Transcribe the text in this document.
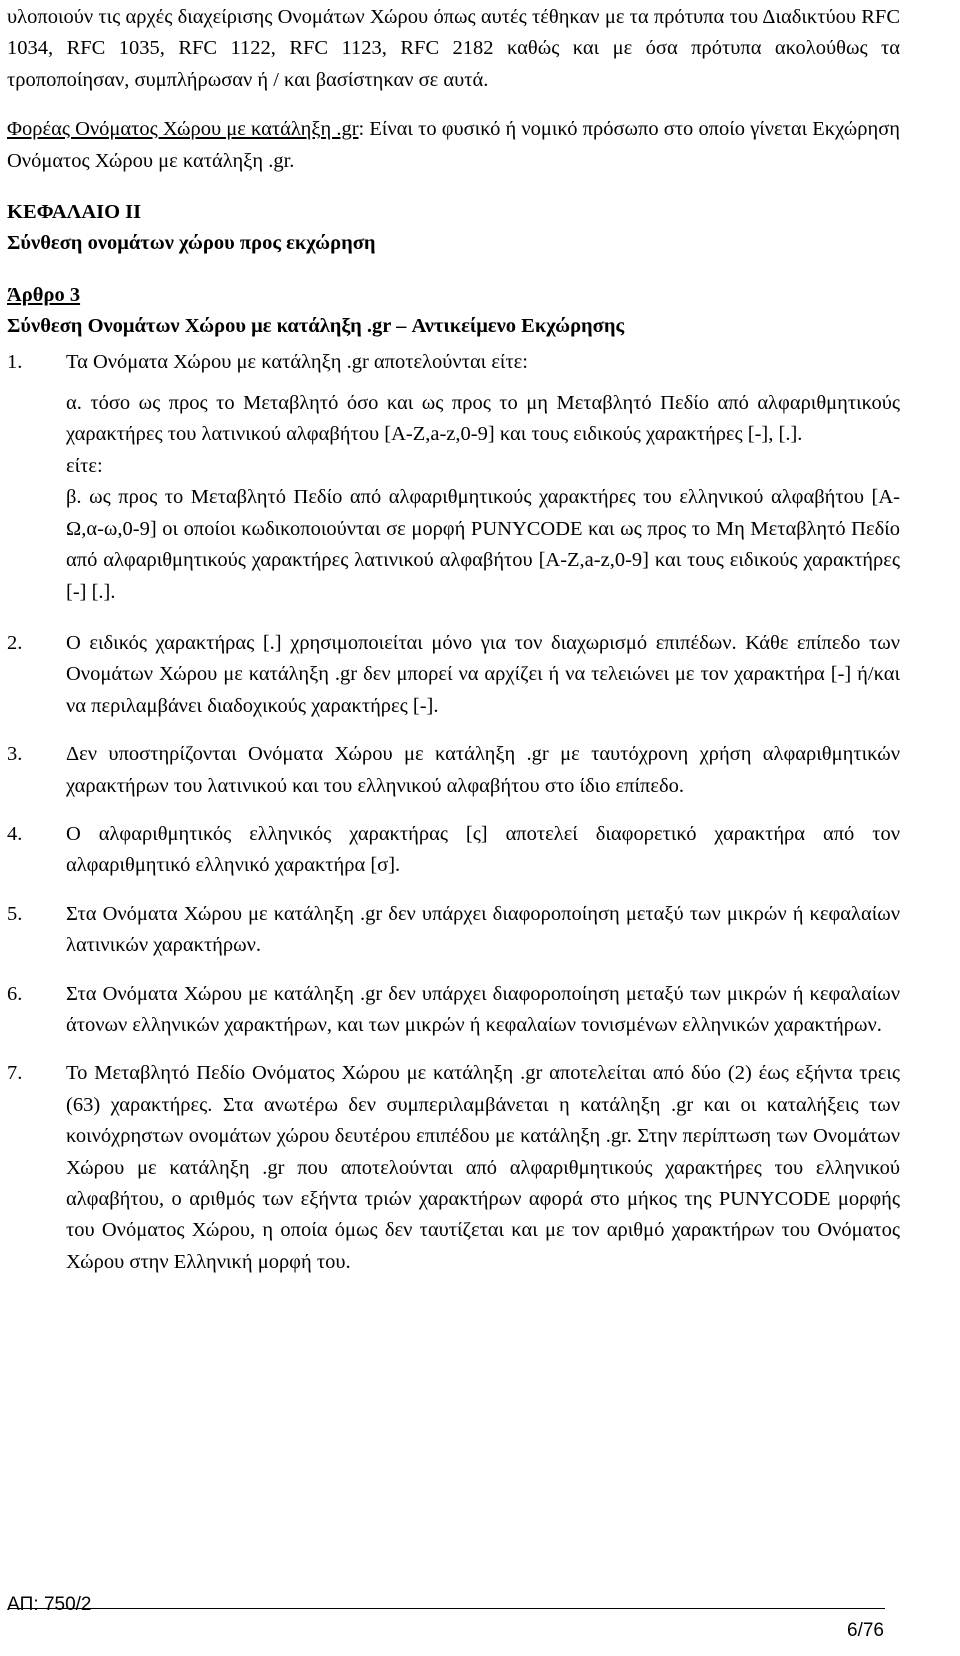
υλοποιούν τις αρχές διαχείρισης Ονομάτων Χώρου όπως αυτές τέθηκαν με τα πρότυπα του Διαδικτύου RFC 1034, RFC 1035, RFC 1122, RFC 1123, RFC 2182 καθώς και με όσα πρότυπα ακολούθως τα τροποποίησαν, συμπλήρωσαν ή / και βασίστηκαν σε αυτά.

Φορέας Ονόματος Χώρου με κατάληξη .gr: Είναι το φυσικό ή νομικό πρόσωπο στο οποίο γίνεται Εκχώρηση Ονόματος Χώρου με κατάληξη .gr.

ΚΕΦΑΛΑΙΟ ΙΙ

Σύνθεση ονομάτων χώρου προς εκχώρηση

Άρθρο 3

Σύνθεση Ονομάτων Χώρου με κατάληξη .gr – Αντικείμενο Εκχώρησης

1.	Τα Ονόματα Χώρου με κατάληξη .gr αποτελούνται είτε:
α. τόσο ως προς το Μεταβλητό όσο και ως προς το μη Μεταβλητό Πεδίο από αλφαριθμητικούς χαρακτήρες του λατινικού αλφαβήτου [A-Z,a-z,0-9] και τους ειδικούς χαρακτήρες [-], [.].
είτε:
β. ως προς το Μεταβλητό Πεδίο από αλφαριθμητικούς χαρακτήρες του ελληνικού αλφαβήτου [Α-Ω,α-ω,0-9] οι οποίοι κωδικοποιούνται σε μορφή PUNYCODE και ως προς το Μη Μεταβλητό Πεδίο από αλφαριθμητικούς χαρακτήρες λατινικού αλφαβήτου [A-Z,a-z,0-9] και τους ειδικούς χαρακτήρες [-] [.].
2.	Ο ειδικός χαρακτήρας [.] χρησιμοποιείται μόνο για τον διαχωρισμό επιπέδων. Κάθε επίπεδο των Ονομάτων Χώρου με κατάληξη .gr δεν μπορεί να αρχίζει ή να τελειώνει με τον χαρακτήρα [-] ή/και να περιλαμβάνει διαδοχικούς χαρακτήρες [-].
3.	Δεν υποστηρίζονται Ονόματα Χώρου με κατάληξη .gr με ταυτόχρονη χρήση αλφαριθμητικών χαρακτήρων του λατινικού και του ελληνικού αλφαβήτου στο ίδιο επίπεδο.
4.	Ο αλφαριθμητικός ελληνικός χαρακτήρας [ς] αποτελεί διαφορετικό χαρακτήρα από τον αλφαριθμητικό ελληνικό χαρακτήρα [σ].
5.	Στα Ονόματα Χώρου με κατάληξη .gr δεν υπάρχει διαφοροποίηση μεταξύ των μικρών ή κεφαλαίων λατινικών χαρακτήρων.
6.	Στα Ονόματα Χώρου με κατάληξη .gr δεν υπάρχει διαφοροποίηση μεταξύ των μικρών ή κεφαλαίων άτονων ελληνικών χαρακτήρων, και των μικρών ή κεφαλαίων τονισμένων ελληνικών χαρακτήρων.
7.	Το Μεταβλητό Πεδίο Ονόματος Χώρου με κατάληξη .gr αποτελείται από δύο (2) έως εξήντα τρεις (63) χαρακτήρες. Στα ανωτέρω δεν συμπεριλαμβάνεται η κατάληξη .gr και οι καταλήξεις των κοινόχρηστων ονομάτων χώρου δευτέρου επιπέδου με κατάληξη .gr. Στην περίπτωση των Ονομάτων Χώρου με κατάληξη .gr που αποτελούνται από αλφαριθμητικούς χαρακτήρες του ελληνικού αλφαβήτου, ο αριθμός των εξήντα τριών χαρακτήρων αφορά στο μήκος της PUNYCODE μορφής του Ονόματος Χώρου, η οποία όμως δεν ταυτίζεται και με τον αριθμό χαρακτήρων του Ονόματος Χώρου στην Ελληνική μορφή του.
ΑΠ: 750/2
6/76
